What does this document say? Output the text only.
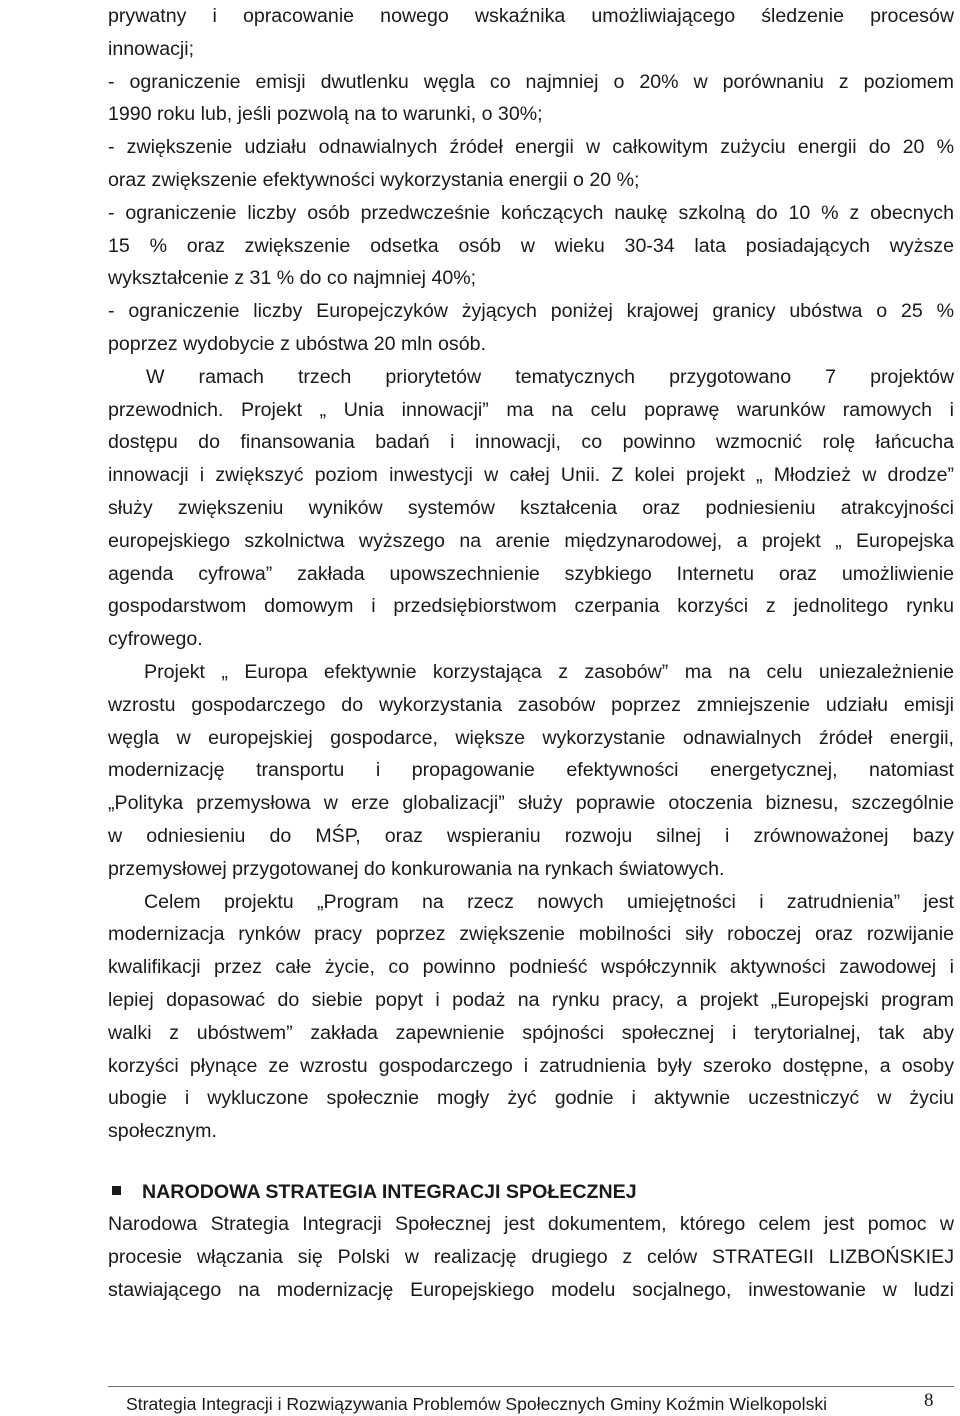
prywatny i opracowanie nowego wskaźnika umożliwiającego śledzenie procesów
innowacji;
- ograniczenie emisji dwutlenku węgla co najmniej o 20% w porównaniu z poziomem
1990 roku lub, jeśli pozwolą na to warunki, o 30%;
- zwiększenie udziału odnawialnych źródeł energii w całkowitym zużyciu energii do 20 %
oraz zwiększenie efektywności wykorzystania energii o 20 %;
- ograniczenie liczby osób przedwcześnie kończących naukę szkolną do 10 % z obecnych
15 % oraz zwiększenie odsetka osób w wieku 30-34 lata posiadających wyższe
wykształcenie z 31 % do co najmniej 40%;
- ograniczenie liczby Europejczyków żyjących poniżej krajowej granicy ubóstwa o 25 %
poprzez wydobycie z ubóstwa 20 mln osób.
W ramach trzech priorytetów tematycznych przygotowano 7 projektów
przewodnich. Projekt „ Unia innowacji” ma na celu poprawę warunków ramowych i
dostępu do finansowania badań i innowacji, co powinno wzmocnić rolę łańcucha
innowacji i zwiększyć poziom inwestycji w całej Unii. Z kolei projekt „ Młodzież w drodze”
służy zwiększeniu wyników systemów kształcenia oraz podniesieniu atrakcyjności
europejskiego szkolnictwa wyższego na arenie międzynarodowej, a projekt „ Europejska
agenda cyfrowa” zakłada upowszechnienie szybkiego Internetu oraz umożliwienie
gospodarstwom domowym i przedsiębiorstwom czerpania korzyści z jednolitego rynku
cyfrowego.
Projekt „ Europa efektywnie korzystająca z zasobów” ma na celu uniezależnienie
wzrostu gospodarczego do wykorzystania zasobów poprzez zmniejszenie udziału emisji
węgla w europejskiej gospodarce, większe wykorzystanie odnawialnych źródeł energii,
modernizację transportu i propagowanie efektywności energetycznej, natomiast
„Polityka przemysłowa w erze globalizacji” służy poprawie otoczenia biznesu, szczególnie
w odniesieniu do MŚP, oraz wspieraniu rozwoju silnej i zrównoważonej bazy
przemysłowej przygotowanej do konkurowania na rynkach światowych.
Celem projektu „Program na rzecz nowych umiejętności i zatrudnienia” jest
modernizacja rynków pracy poprzez zwiększenie mobilności siły roboczej oraz rozwijanie
kwalifikacji przez całe życie, co powinno podnieść współczynnik aktywności zawodowej i
lepiej dopasować do siebie popyt i podaż na rynku pracy, a projekt „Europejski program
walki z ubóstwem” zakłada zapewnienie spójności społecznej i terytorialnej, tak aby
korzyści płynące ze wzrostu gospodarczego i zatrudnienia były szeroko dostępne, a osoby
ubogie i wykluczone społecznie mogły żyć godnie i aktywnie uczestniczyć w życiu
społecznym.
NARODOWA STRATEGIA INTEGRACJI SPOŁECZNEJ
Narodowa Strategia Integracji Społecznej jest dokumentem, którego celem jest pomoc w
procesie włączania się Polski w realizację drugiego z celów STRATEGII LIZBOŃSKIEJ
stawiającego na modernizację Europejskiego modelu socjalnego, inwestowanie w ludzi
Strategia Integracji i Rozwiązywania Problemów Społecznych Gminy Koźmin Wielkopolski	8
